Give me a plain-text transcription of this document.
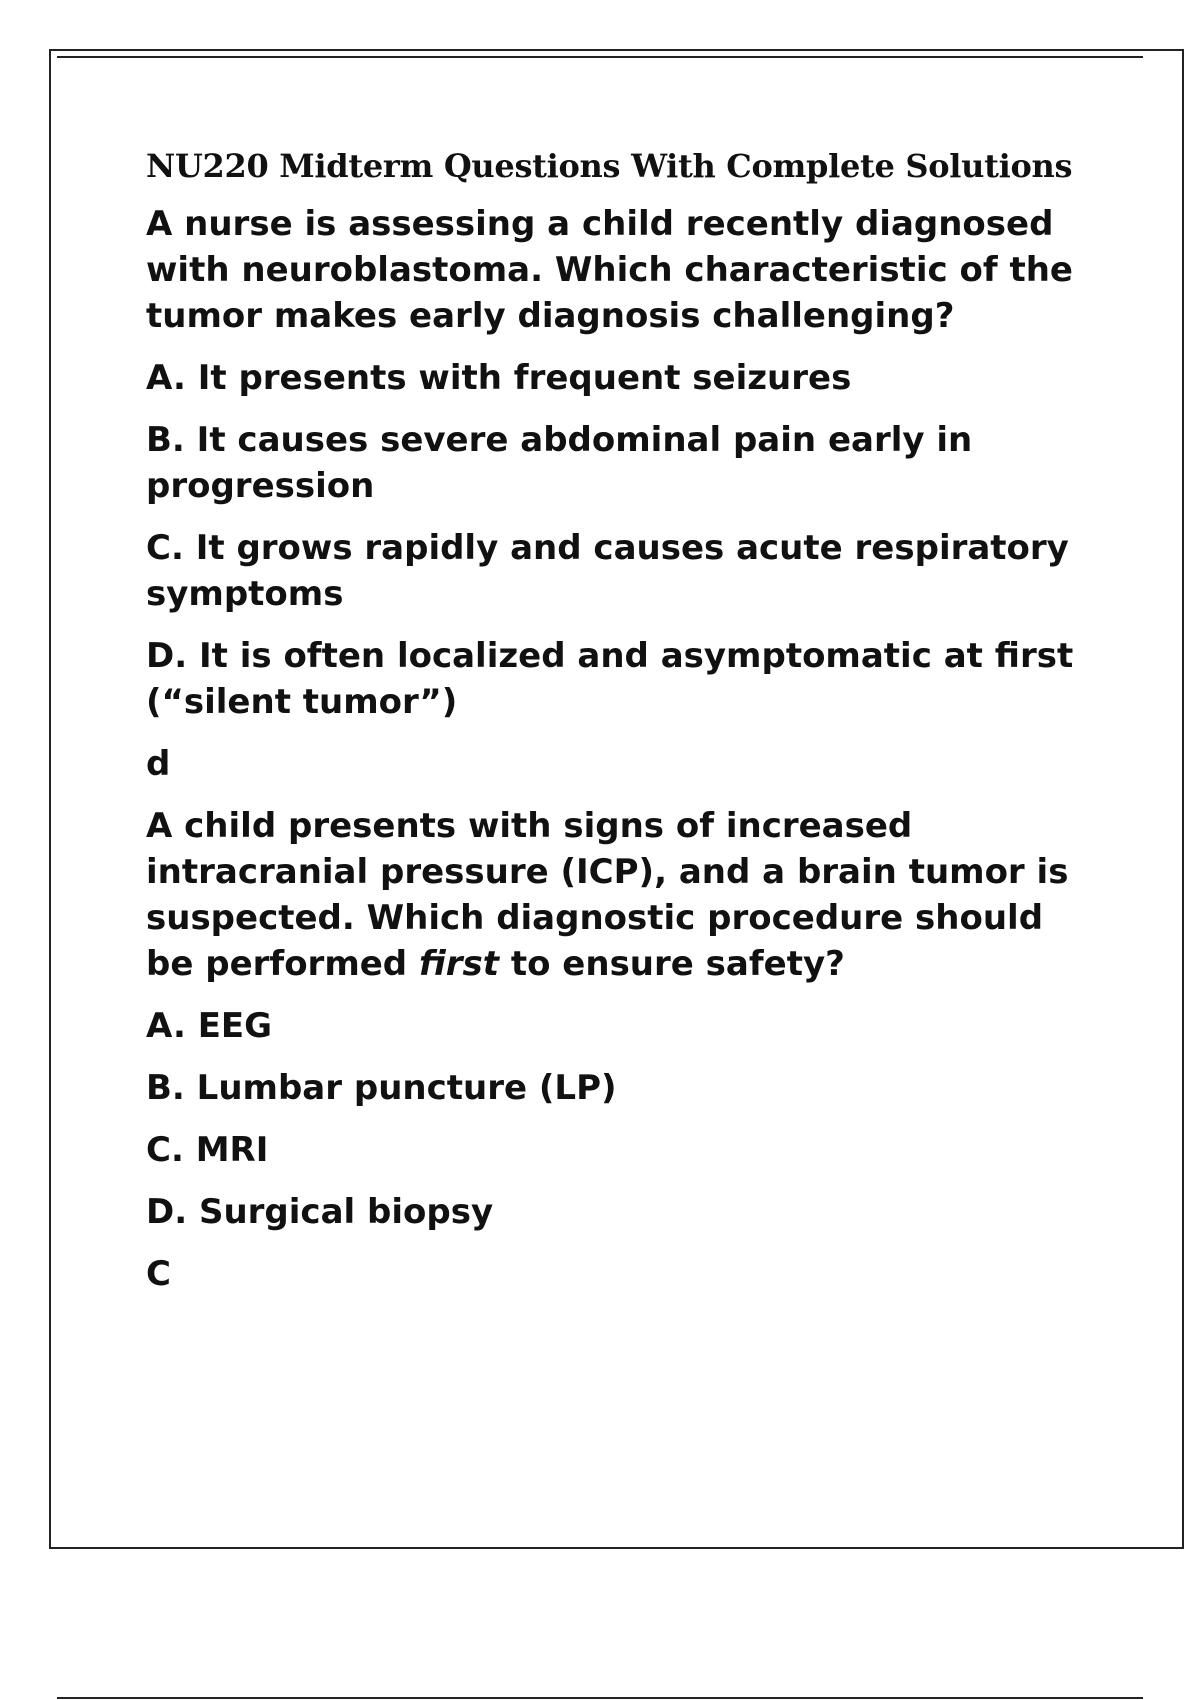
NU220 Midterm Questions With Complete Solutions

A nurse is assessing a child recently diagnosed with neuroblastoma. Which characteristic of the tumor makes early diagnosis challenging?

A. It presents with frequent seizures

B. It causes severe abdominal pain early in progression

C. It grows rapidly and causes acute respiratory symptoms

D. It is often localized and asymptomatic at first (“silent tumor”)

d

A child presents with signs of increased intracranial pressure (ICP), and a brain tumor is suspected. Which diagnostic procedure should be performed first to ensure safety?

A. EEG

B. Lumbar puncture (LP)

C. MRI

D. Surgical biopsy

C
